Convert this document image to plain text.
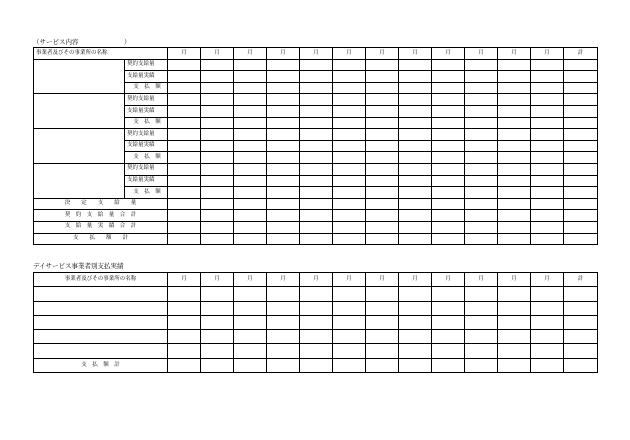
（サービス内容　　　　　　　）
事業者及びその事業所の名称		月	月	月	月	月	月	月	月	月	月	月	月	計
	契約支給量													
	支給量実績													
	支　払　額													
	契約支給量													
	支給量実績													
	支　払　額													
	契約支給量													
	支給量実績													
	支　払　額													
	契約支給量													
	支給量実績													
	支　払　額													
決　　定　　支　　給　　量														
契　約　支　給　量　合　計														
支　給　量　実　績　合　計														
支　　払　　額　　計														
デイサービス事業者別支払実績
事業者及びその事業所の名称	月	月	月	月	月	月	月	月	月	月	月	月	計

支　払　額　計													
